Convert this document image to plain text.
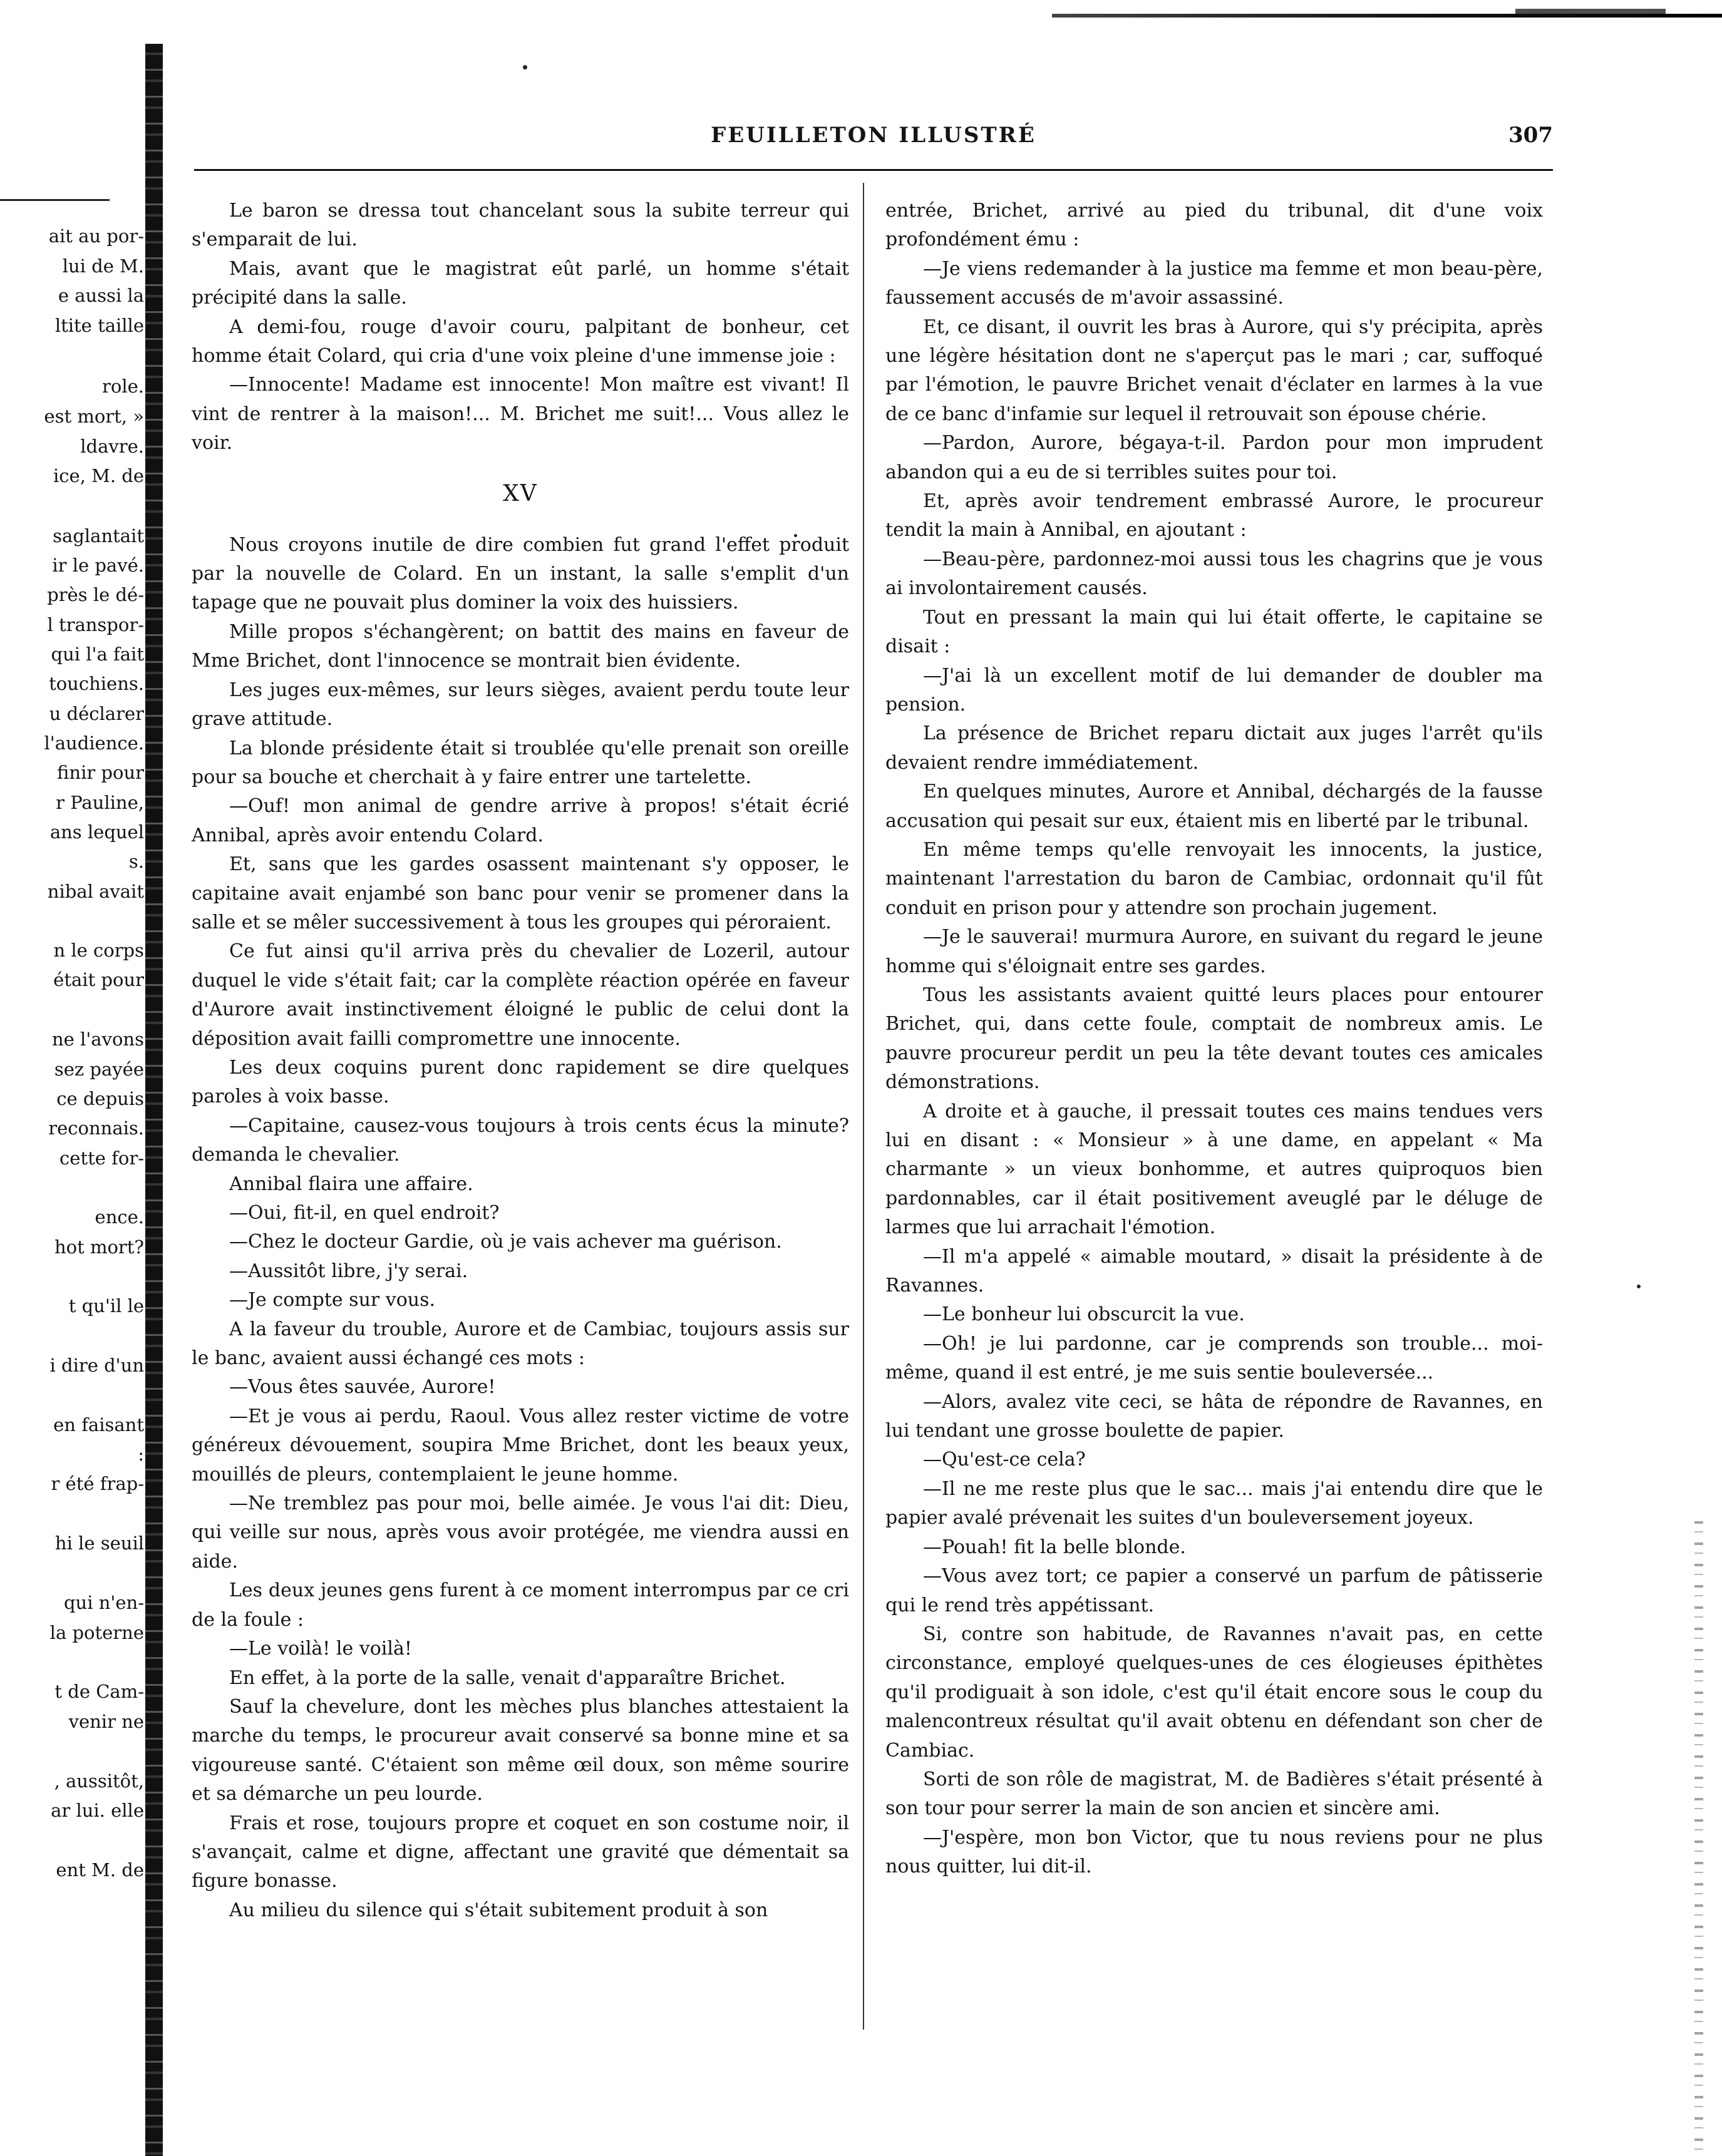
ait au por-
lui de M.
e aussi la
ltite taille
role.
est mort, »
ldavre.
ice, M. de
saglantait
ir le pavé.
près le dé-
l transpor-
qui l'a fait
touchiens.
u déclarer
l'audience.
finir pour
r Pauline,
ans lequel
s.
nibal avait
n le corps
était pour
ne l'avons
sez payée
ce depuis
reconnais.
cette for-
ence.
hot mort?
t qu'il le
i dire d'un
en faisant
:
r été frap-
hi le seuil
qui n'en-
la poterne
t de Cam-
venir ne
, aussitôt,
ar lui. elle
ent M. de
FEUILLETON ILLUSTRÉ	307

Le baron se dressa tout chancelant sous la subite terreur qui s'emparait de lui.

Mais, avant que le magistrat eût parlé, un homme s'était précipité dans la salle.

A demi-fou, rouge d'avoir couru, palpitant de bonheur, cet homme était Colard, qui cria d'une voix pleine d'une immense joie :

—Innocente! Madame est innocente! Mon maître est vivant! Il vint de rentrer à la maison!... M. Brichet me suit!... Vous allez le voir.

XV

Nous croyons inutile de dire combien fut grand l'effet produit par la nouvelle de Colard. En un instant, la salle s'emplit d'un tapage que ne pouvait plus dominer la voix des huissiers.

Mille propos s'échangèrent; on battit des mains en faveur de Mme Brichet, dont l'innocence se montrait bien évidente.

Les juges eux-mêmes, sur leurs sièges, avaient perdu toute leur grave attitude.

La blonde présidente était si troublée qu'elle prenait son oreille pour sa bouche et cherchait à y faire entrer une tartelette.

—Ouf! mon animal de gendre arrive à propos! s'était écrié Annibal, après avoir entendu Colard.

Et, sans que les gardes osassent maintenant s'y opposer, le capitaine avait enjambé son banc pour venir se promener dans la salle et se mêler successivement à tous les groupes qui péroraient.

Ce fut ainsi qu'il arriva près du chevalier de Lozeril, autour duquel le vide s'était fait; car la complète réaction opérée en faveur d'Aurore avait instinctivement éloigné le public de celui dont la déposition avait failli compromettre une innocente.

Les deux coquins purent donc rapidement se dire quelques paroles à voix basse.

—Capitaine, causez-vous toujours à trois cents écus la minute? demanda le chevalier.

Annibal flaira une affaire.

—Oui, fit-il, en quel endroit?

—Chez le docteur Gardie, où je vais achever ma guérison.

—Aussitôt libre, j'y serai.

—Je compte sur vous.

A la faveur du trouble, Aurore et de Cambiac, toujours assis sur le banc, avaient aussi échangé ces mots :

—Vous êtes sauvée, Aurore!

—Et je vous ai perdu, Raoul. Vous allez rester victime de votre généreux dévouement, soupira Mme Brichet, dont les beaux yeux, mouillés de pleurs, contemplaient le jeune homme.

—Ne tremblez pas pour moi, belle aimée. Je vous l'ai dit: Dieu, qui veille sur nous, après vous avoir protégée, me viendra aussi en aide.

Les deux jeunes gens furent à ce moment interrompus par ce cri de la foule :

—Le voilà! le voilà!

En effet, à la porte de la salle, venait d'apparaître Brichet.

Sauf la chevelure, dont les mèches plus blanches attestaient la marche du temps, le procureur avait conservé sa bonne mine et sa vigoureuse santé. C'étaient son même œil doux, son même sourire et sa démarche un peu lourde.

Frais et rose, toujours propre et coquet en son costume noir, il s'avançait, calme et digne, affectant une gravité que démentait sa figure bonasse.

Au milieu du silence qui s'était subitement produit à son

entrée, Brichet, arrivé au pied du tribunal, dit d'une voix profondément ému :

—Je viens redemander à la justice ma femme et mon beau-père, faussement accusés de m'avoir assassiné.

Et, ce disant, il ouvrit les bras à Aurore, qui s'y précipita, après une légère hésitation dont ne s'aperçut pas le mari ; car, suffoqué par l'émotion, le pauvre Brichet venait d'éclater en larmes à la vue de ce banc d'infamie sur lequel il retrouvait son épouse chérie.

—Pardon, Aurore, bégaya-t-il. Pardon pour mon imprudent abandon qui a eu de si terribles suites pour toi.

Et, après avoir tendrement embrassé Aurore, le procureur tendit la main à Annibal, en ajoutant :

—Beau-père, pardonnez-moi aussi tous les chagrins que je vous ai involontairement causés.

Tout en pressant la main qui lui était offerte, le capitaine se disait :

—J'ai là un excellent motif de lui demander de doubler ma pension.

La présence de Brichet reparu dictait aux juges l'arrêt qu'ils devaient rendre immédiatement.

En quelques minutes, Aurore et Annibal, déchargés de la fausse accusation qui pesait sur eux, étaient mis en liberté par le tribunal.

En même temps qu'elle renvoyait les innocents, la justice, maintenant l'arrestation du baron de Cambiac, ordonnait qu'il fût conduit en prison pour y attendre son prochain jugement.

—Je le sauverai! murmura Aurore, en suivant du regard le jeune homme qui s'éloignait entre ses gardes.

Tous les assistants avaient quitté leurs places pour entourer Brichet, qui, dans cette foule, comptait de nombreux amis. Le pauvre procureur perdit un peu la tête devant toutes ces amicales démonstrations.

A droite et à gauche, il pressait toutes ces mains tendues vers lui en disant : « Monsieur » à une dame, en appelant « Ma charmante » un vieux bonhomme, et autres quiproquos bien pardonnables, car il était positivement aveuglé par le déluge de larmes que lui arrachait l'émotion.

—Il m'a appelé « aimable moutard, » disait la présidente à de Ravannes.

—Le bonheur lui obscurcit la vue.

—Oh! je lui pardonne, car je comprends son trouble... moi-même, quand il est entré, je me suis sentie bouleversée...

—Alors, avalez vite ceci, se hâta de répondre de Ravannes, en lui tendant une grosse boulette de papier.

—Qu'est-ce cela?

—Il ne me reste plus que le sac... mais j'ai entendu dire que le papier avalé prévenait les suites d'un bouleversement joyeux.

—Pouah! fit la belle blonde.

—Vous avez tort; ce papier a conservé un parfum de pâtisserie qui le rend très appétissant.

Si, contre son habitude, de Ravannes n'avait pas, en cette circonstance, employé quelques-unes de ces élogieuses épithètes qu'il prodiguait à son idole, c'est qu'il était encore sous le coup du malencontreux résultat qu'il avait obtenu en défendant son cher de Cambiac.

Sorti de son rôle de magistrat, M. de Badières s'était présenté à son tour pour serrer la main de son ancien et sincère ami.

—J'espère, mon bon Victor, que tu nous reviens pour ne plus nous quitter, lui dit-il.
